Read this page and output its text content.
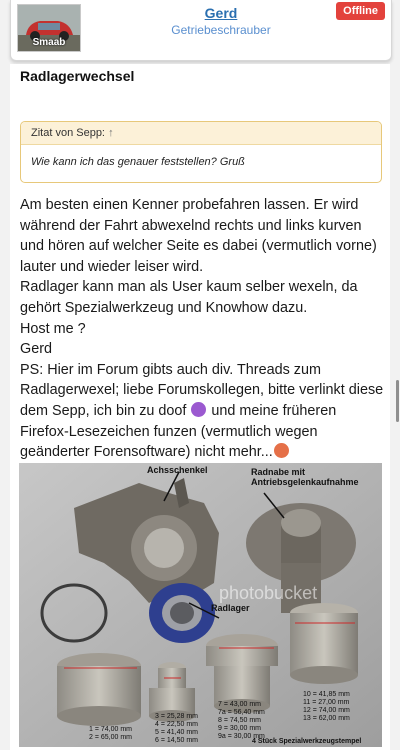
Smaab
Gerd
Getriebeschrauber
Offline
Radlagerwechsel
Zitat von Sepp: ↑
Wie kann ich das genauer feststellen? Gruß

Am besten einen Kenner probefahren lassen. Er wird während der Fahrt abwexelnd rechts und links kurven und hören auf welcher Seite es dabei (vermutlich vorne) lauter und wieder leiser wird.

Radlager kann man als User kaum selber wexeln, da gehört Spezialwerkzeug und Knowhow dazu.

Host me ?

Gerd

PS: Hier im Forum gibts auch div. Threads zum Radlagerwexel; liebe Forumskollegen, bitte verlinkt diese dem Sepp, ich bin zu doof und meine früheren Firefox-Lesezeichen funzen (vermutlich wegen geänderter Forensoftware) nicht mehr...

Achsschenkel	Radnabe mit Antriebsgelenkaufnahme
Radlager
photobucket
1 = 74,00 mm
2 = 65,00 mm
3 = 25,28 mm
4 = 22,50 mm
5 = 41,40 mm
6 = 14,50 mm
7 = 43,00 mm
7a = 56,40 mm
8 = 74,50 mm
9 = 30,00 mm
9a = 30,00 mm
10 = 41,85 mm
11 = 27,00 mm
12 = 74,00 mm
13 = 62,00 mm
4 Stück Spezialwerkzeugstempel
